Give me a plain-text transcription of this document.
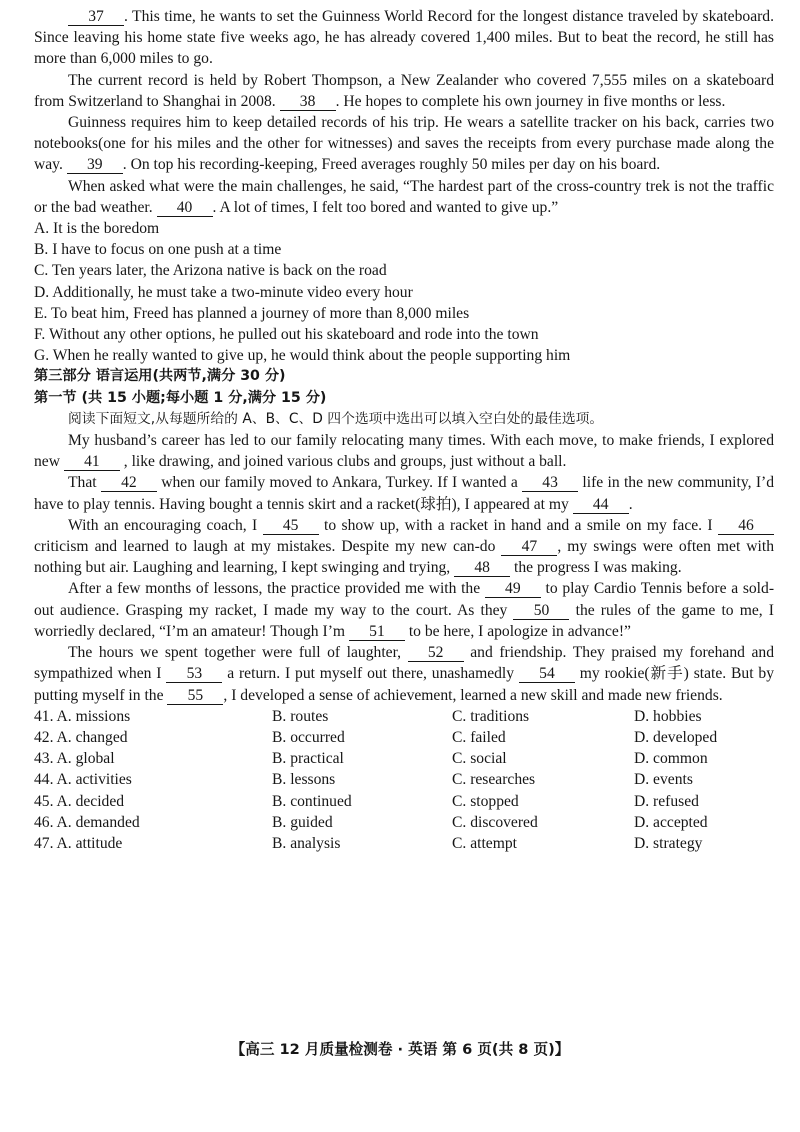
37 . This time, he wants to set the Guinness World Record for the longest distance traveled by skateboard. Since leaving his home state five weeks ago, he has already covered 1,400 miles. But to beat the record, he still has more than 6,000 miles to go.

The current record is held by Robert Thompson, a New Zealander who covered 7,555 miles on a skateboard from Switzerland to Shanghai in 2008. 38 . He hopes to complete his own journey in five months or less.

Guinness requires him to keep detailed records of his trip. He wears a satellite tracker on his back, carries two notebooks(one for his miles and the other for witnesses) and saves the receipts from every purchase made along the way. 39 . On top his recording-keeping, Freed averages roughly 50 miles per day on his board.

When asked what were the main challenges, he said, “The hardest part of the cross-country trek is not the traffic or the bad weather. 40 . A lot of times, I felt too bored and wanted to give up.”

A. It is the boredom

B. I have to focus on one push at a time

C. Ten years later, the Arizona native is back on the road

D. Additionally, he must take a two-minute video every hour

E. To beat him, Freed has planned a journey of more than 8,000 miles

F. Without any other options, he pulled out his skateboard and rode into the town

G. When he really wanted to give up, he would think about the people supporting him

第三部分 语言运用(共两节,满分 30 分)

第一节 (共 15 小题;每小题 1 分,满分 15 分)

阅读下面短文,从每题所给的 A、B、C、D 四个选项中选出可以填入空白处的最佳选项。

My husband’s career has led to our family relocating many times. With each move, to make friends, I explored new 41 , like drawing, and joined various clubs and groups, just without a ball.

That 42 when our family moved to Ankara, Turkey. If I wanted a 43 life in the new community, I’d have to play tennis. Having bought a tennis skirt and a racket(球拍), I appeared at my 44 .

With an encouraging coach, I 45 to show up, with a racket in hand and a smile on my face. I 46 criticism and learned to laugh at my mistakes. Despite my new can-do 47 , my swings were often met with nothing but air. Laughing and learning, I kept swinging and trying, 48 the progress I was making.

After a few months of lessons, the practice provided me with the 49 to play Cardio Tennis before a sold-out audience. Grasping my racket, I made my way to the court. As they 50 the rules of the game to me, I worriedly declared, “I’m an amateur! Though I’m 51 to be here, I apologize in advance!”

The hours we spent together were full of laughter, 52 and friendship. They praised my forehand and sympathized when I 53 a return. I put myself out there, unashamedly 54 my rookie(新手) state. But by putting myself in the 55 , I developed a sense of achievement, learned a new skill and made new friends.

41. A. missions	B. routes	C. traditions	D. hobbies
42. A. changed	B. occurred	C. failed	D. developed
43. A. global	B. practical	C. social	D. common
44. A. activities	B. lessons	C. researches	D. events
45. A. decided	B. continued	C. stopped	D. refused
46. A. demanded	B. guided	C. discovered	D. accepted
47. A. attitude	B. analysis	C. attempt	D. strategy
【高三 12 月质量检测卷 · 英语 第 6 页(共 8 页)】
